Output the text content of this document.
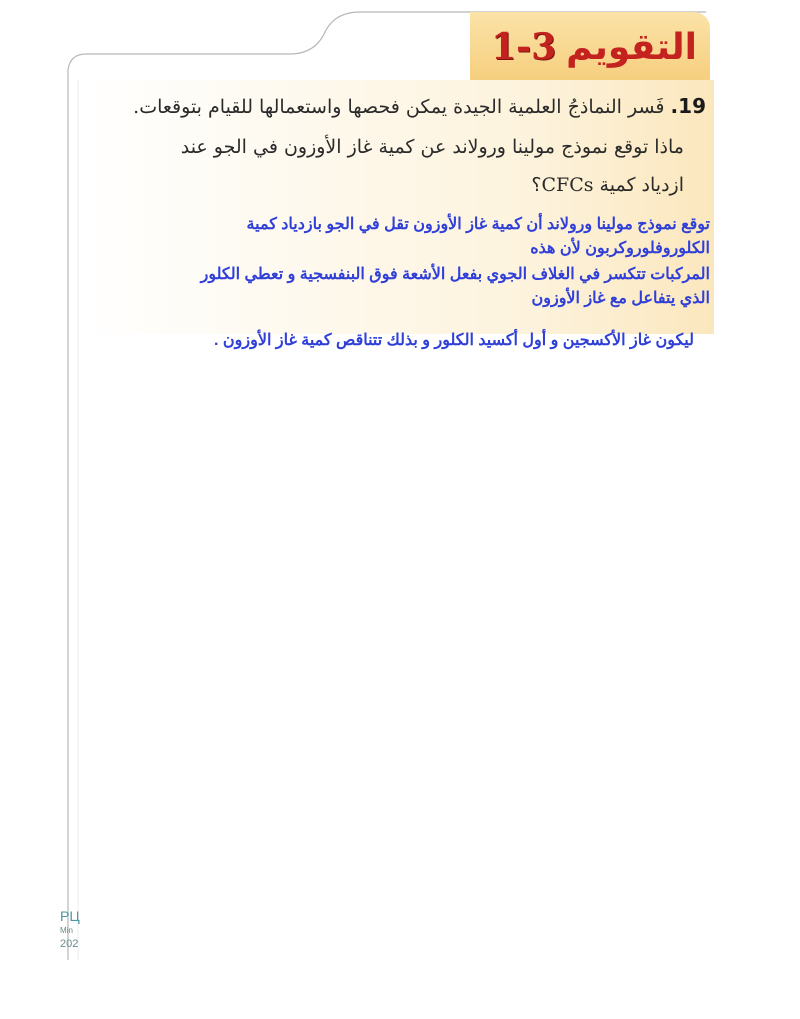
التقويم
1-3
19. فَسر النماذجُ العلمية الجيدة يمكن فحصها واستعمالها للقيام بتوقعات.
ماذا توقع نموذج مولينا ورولاند عن كمية غاز الأوزون في الجو عند
ازدياد كمية CFCs؟
توقع نموذج مولينا ورولاند أن كمية غاز الأوزون تقل في الجو بازدياد كمية
الكلوروفلوروكربون لأن هذه
المركبات تتكسر في الغلاف الجوي بفعل الأشعة فوق البنفسجية و تعطي الكلور
الذي يتفاعل مع غاز الأوزون
ليكون غاز الأكسجين و أول أكسيد الكلور و بذلك تتناقص كمية غاز الأوزون .
РЦ
Min
202
